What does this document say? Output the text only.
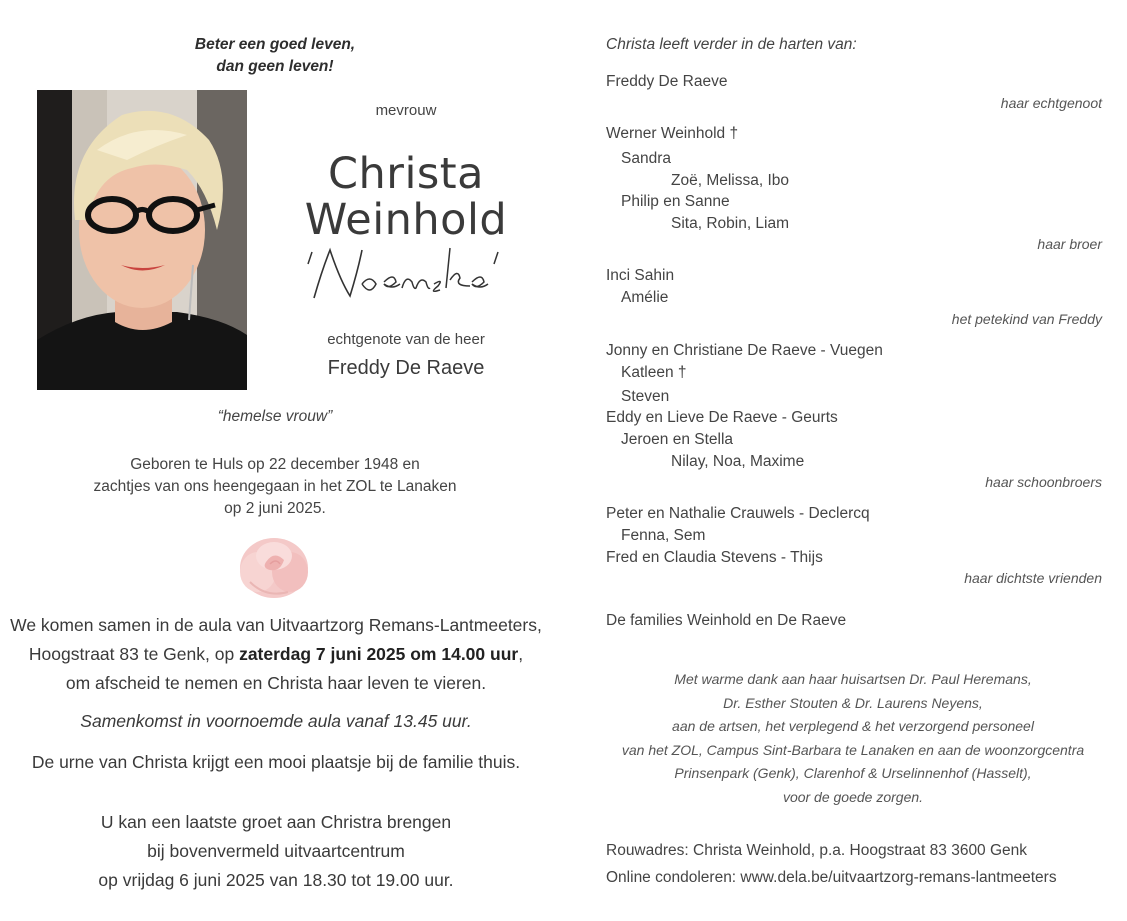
Beter een goed leven,
dan geen leven!
mevrouw
Christa
Weinhold
echtgenote van de heer
Freddy De Raeve
“hemelse vrouw”
Geboren te Huls op 22 december 1948 en
zachtjes van ons heengegaan in het ZOL te Lanaken
op 2 juni 2025.
We komen samen in de aula van Uitvaartzorg Remans-Lantmeeters,
Hoogstraat 83 te Genk, op zaterdag 7 juni 2025 om 14.00 uur,
om afscheid te nemen en Christa haar leven te vieren.
Samenkomst in voornoemde aula vanaf 13.45 uur.
De urne van Christa krijgt een mooi plaatsje bij de familie thuis.
U kan een laatste groet aan Christra brengen
bij bovenvermeld uitvaartcentrum
op vrijdag 6 juni 2025 van 18.30 tot 19.00 uur.
Christa leeft verder in de harten van:
Freddy De Raeve
haar echtgenoot
Werner Weinhold †
Sandra
Zoë, Melissa, Ibo
Philip en Sanne
Sita, Robin, Liam
haar broer
Inci Sahin
Amélie
het petekind van Freddy
Jonny en Christiane De Raeve - Vuegen
Katleen †
Steven
Eddy en Lieve De Raeve - Geurts
Jeroen en Stella
Nilay, Noa, Maxime
haar schoonbroers
Peter en Nathalie Crauwels - Declercq
Fenna, Sem
Fred en Claudia Stevens - Thijs
haar dichtste vrienden
De families Weinhold en De Raeve
Met warme dank aan haar huisartsen Dr. Paul Heremans,
Dr. Esther Stouten & Dr. Laurens Neyens,
aan de artsen, het verplegend & het verzorgend personeel
van het ZOL, Campus Sint-Barbara te Lanaken en aan de woonzorgcentra
Prinsenpark (Genk), Clarenhof & Urselinnenhof (Hasselt),
voor de goede zorgen.
Rouwadres: Christa Weinhold, p.a. Hoogstraat 83 3600 Genk
Online condoleren: www.dela.be/uitvaartzorg-remans-lantmeeters
